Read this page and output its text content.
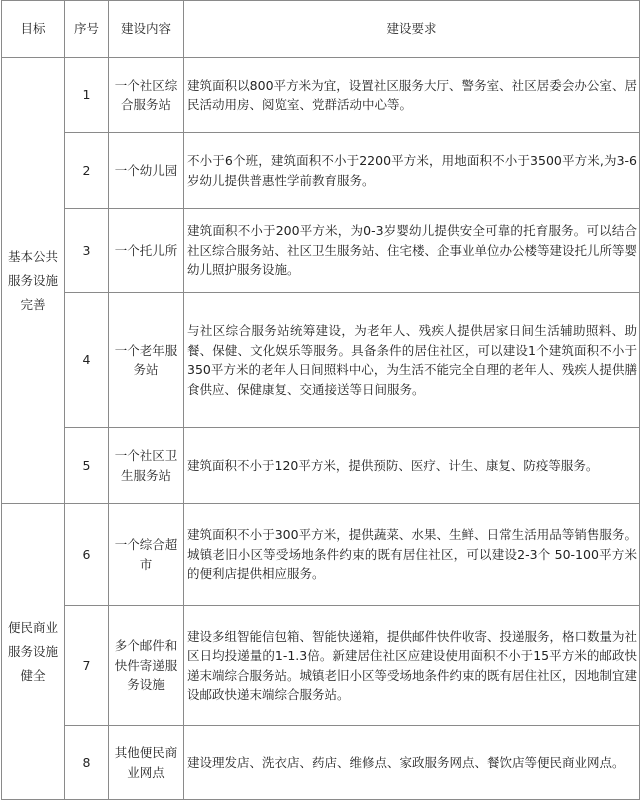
目标	序号	建设内容	建设要求
基本公共服务设施完善	1	一个社区综合服务站	建筑面积以800平方米为宜，设置社区服务大厅、警务室、社区居委会办公室、居民活动用房、阅览室、党群活动中心等。
	2	一个幼儿园	不小于6个班，建筑面积不小于2200平方米，用地面积不小于3500平方米,为3-6岁幼儿提供普惠性学前教育服务。
	3	一个托儿所	建筑面积不小于200平方米，为0-3岁婴幼儿提供安全可靠的托育服务。可以结合社区综合服务站、社区卫生服务站、住宅楼、企事业单位办公楼等建设托儿所等婴幼儿照护服务设施。
	4	一个老年服务站	与社区综合服务站统筹建设，为老年人、残疾人提供居家日间生活辅助照料、助餐、保健、文化娱乐等服务。具备条件的居住社区，可以建设1个建筑面积不小于350平方米的老年人日间照料中心，为生活不能完全自理的老年人、残疾人提供膳食供应、保健康复、交通接送等日间服务。
	5	一个社区卫生服务站	建筑面积不小于120平方米，提供预防、医疗、计生、康复、防疫等服务。
便民商业服务设施健全	6	一个综合超市	建筑面积不小于300平方米，提供蔬菜、水果、生鲜、日常生活用品等销售服务。城镇老旧小区等受场地条件约束的既有居住社区，可以建设2-3个 50-100平方米的便利店提供相应服务。
	7	多个邮件和快件寄递服务设施	建设多组智能信包箱、智能快递箱，提供邮件快件收寄、投递服务，格口数量为社区日均投递量的1-1.3倍。新建居住社区应建设使用面积不小于15平方米的邮政快递末端综合服务站。城镇老旧小区等受场地条件约束的既有居住社区，因地制宜建设邮政快递末端综合服务站。
	8	其他便民商业网点	建设理发店、洗衣店、药店、维修点、家政服务网点、餐饮店等便民商业网点。
